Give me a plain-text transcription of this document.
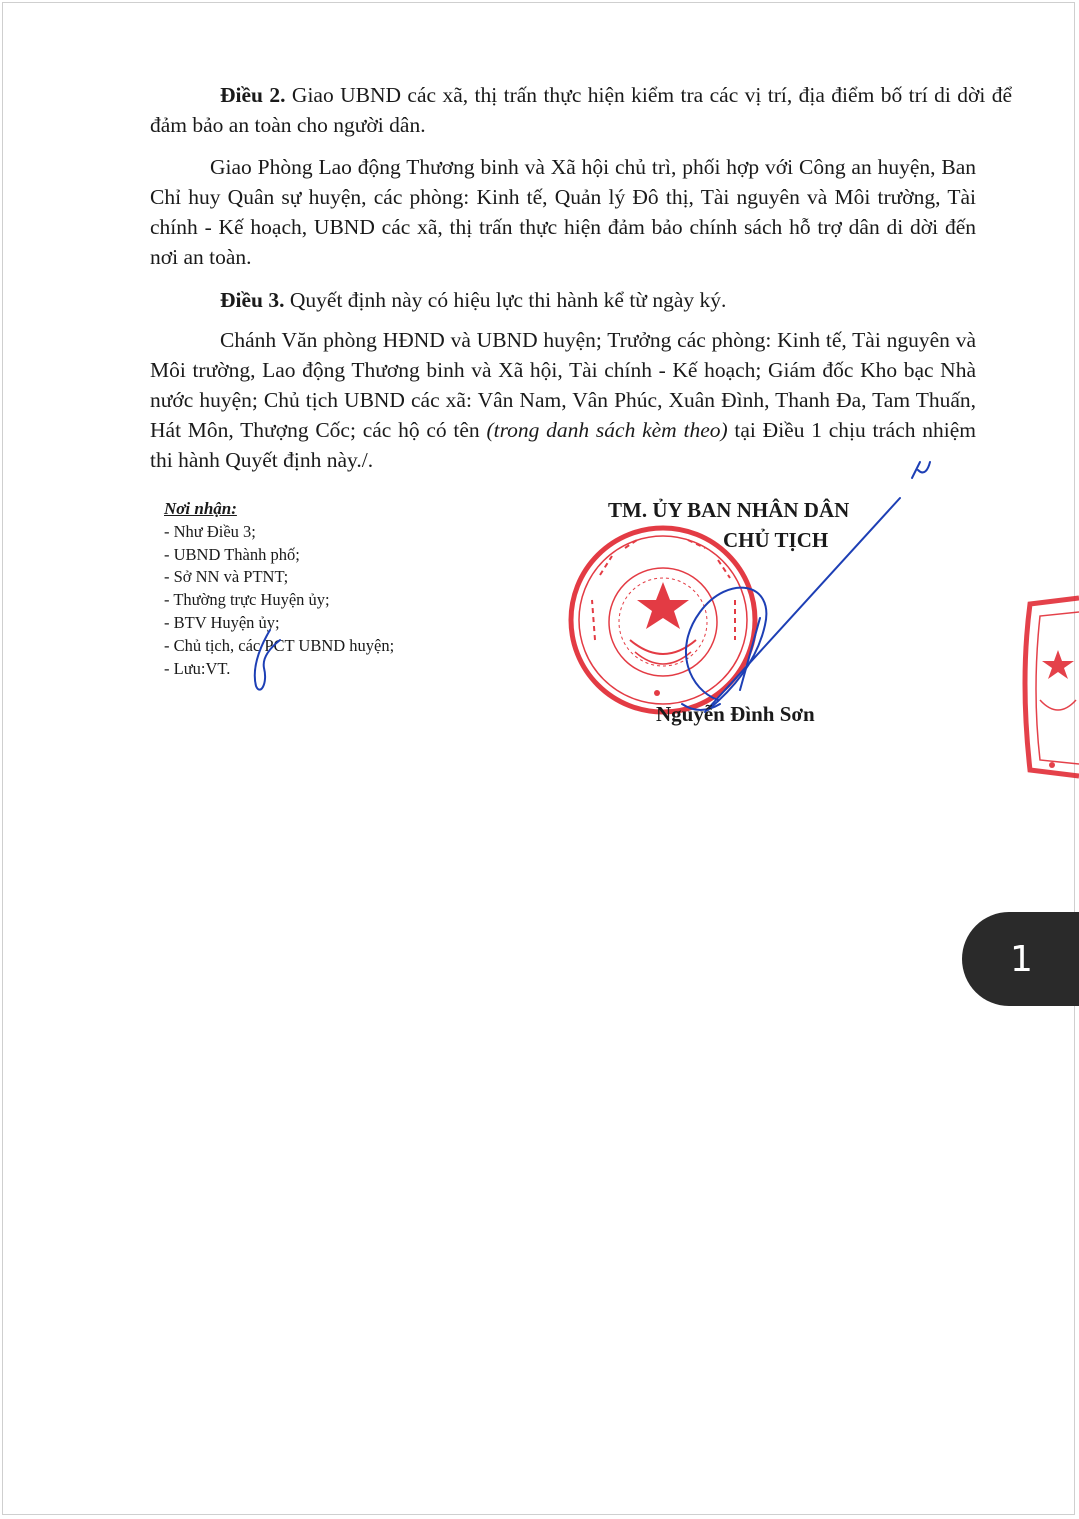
Điều 2. Giao UBND các xã, thị trấn thực hiện kiểm tra các vị trí, địa điểm bố trí di dời để đảm bảo an toàn cho người dân.

Giao Phòng Lao động Thương binh và Xã hội chủ trì, phối hợp với Công an huyện, Ban Chỉ huy Quân sự huyện, các phòng: Kinh tế, Quản lý Đô thị, Tài nguyên và Môi trường, Tài chính - Kế hoạch, UBND các xã, thị trấn thực hiện đảm bảo chính sách hỗ trợ dân di dời đến nơi an toàn.

Điều 3. Quyết định này có hiệu lực thi hành kể từ ngày ký.

Chánh Văn phòng HĐND và UBND huyện; Trưởng các phòng: Kinh tế, Tài nguyên và Môi trường, Lao động Thương binh và Xã hội, Tài chính - Kế hoạch; Giám đốc Kho bạc Nhà nước huyện; Chủ tịch UBND các xã: Vân Nam, Vân Phúc, Xuân Đình, Thanh Đa, Tam Thuấn, Hát Môn, Thượng Cốc; các hộ có tên (trong danh sách kèm theo) tại Điều 1 chịu trách nhiệm thi hành Quyết định này./.

Nơi nhận:
- Như Điều 3;
- UBND Thành phố;
- Sở NN và PTNT;
- Thường trực Huyện ủy;
- BTV Huyện ủy;
- Chủ tịch, các PCT UBND huyện;
- Lưu:VT.
TM. ỦY BAN NHÂN DÂN
CHỦ TỊCH
Nguyễn Đình Sơn
1
